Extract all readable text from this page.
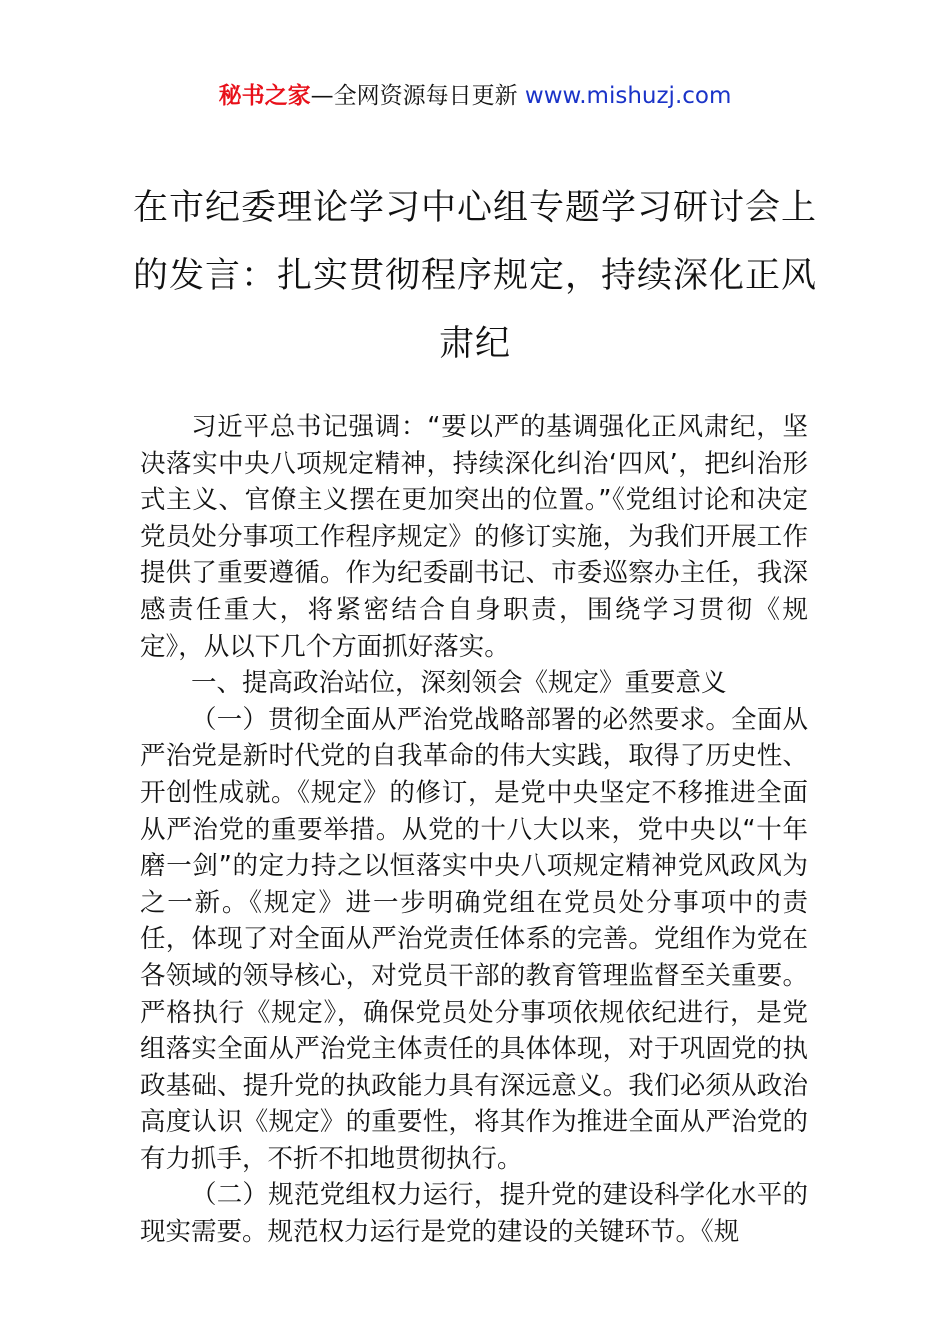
秘书之家—全网资源每日更新 www.mishuzj.com
在市纪委理论学习中心组专题学习研讨会上的发言：扎实贯彻程序规定，持续深化正风肃纪

习近平总书记强调：“要以严的基调强化正风肃纪，坚决落实中央八项规定精神，持续深化纠治‘四风’，把纠治形式主义、官僚主义摆在更加突出的位置。”《党组讨论和决定党员处分事项工作程序规定》的修订实施，为我们开展工作提供了重要遵循。作为纪委副书记、市委巡察办主任，我深感责任重大，将紧密结合自身职责，围绕学习贯彻《规定》，从以下几个方面抓好落实。

一、提高政治站位，深刻领会《规定》重要意义

（一）贯彻全面从严治党战略部署的必然要求。全面从严治党是新时代党的自我革命的伟大实践，取得了历史性、开创性成就。《规定》的修订，是党中央坚定不移推进全面从严治党的重要举措。从党的十八大以来，党中央以“十年磨一剑”的定力持之以恒落实中央八项规定精神党风政风为之一新。《规定》进一步明确党组在党员处分事项中的责任，体现了对全面从严治党责任体系的完善。党组作为党在各领域的领导核心，对党员干部的教育管理监督至关重要。严格执行《规定》，确保党员处分事项依规依纪进行，是党组落实全面从严治党主体责任的具体体现，对于巩固党的执政基础、提升党的执政能力具有深远意义。我们必须从政治高度认识《规定》的重要性，将其作为推进全面从严治党的有力抓手，不折不扣地贯彻执行。

（二）规范党组权力运行，提升党的建设科学化水平的现实需要。规范权力运行是党的建设的关键环节。《规
